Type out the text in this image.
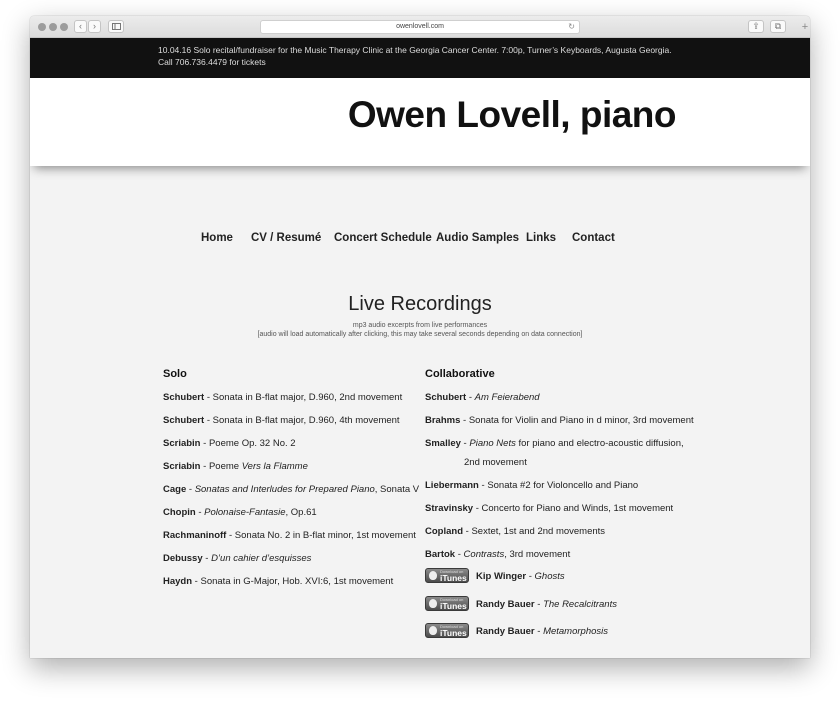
‹	›	owenlovell.com	↻	⇪	⧉	+
10.04.16 Solo recital/fundraiser for the Music Therapy Clinic at the Georgia Cancer Center. 7:00p, Turner’s Keyboards, Augusta Georgia.
Call 706.736.4479 for tickets
Owen Lovell, piano
Home CV / Resumé Concert Schedule Audio Samples Links Contact
Live Recordings
mp3 audio excerpts from live performances
[audio will load automatically after clicking, this may take several seconds depending on data connection]
Solo
Schubert - Sonata in B-flat major, D.960, 2nd movement
Schubert - Sonata in B-flat major, D.960, 4th movement
Scriabin - Poeme Op. 32 No. 2
Scriabin - Poeme Vers la Flamme
Cage - Sonatas and Interludes for Prepared Piano, Sonata V
Chopin - Polonaise-Fantasie, Op.61
Rachmaninoff - Sonata No. 2 in B-flat minor, 1st movement
Debussy - D’un cahier d’esquisses
Haydn - Sonata in G-Major, Hob. XVI:6, 1st movement
Collaborative
Schubert - Am Feierabend
Brahms - Sonata for Violin and Piano in d minor, 3rd movement
Smalley - Piano Nets for piano and electro-acoustic diffusion,
2nd movement
Liebermann - Sonata #2 for Violoncello and Piano
Stravinsky - Concerto for Piano and Winds, 1st movement
Copland - Sextet, 1st and 2nd movements
Bartok - Contrasts, 3rd movement
Download on
iTunes Kip Winger - Ghosts
Download on
iTunes Randy Bauer - The Recalcitrants
Download on
iTunes Randy Bauer - Metamorphosis
